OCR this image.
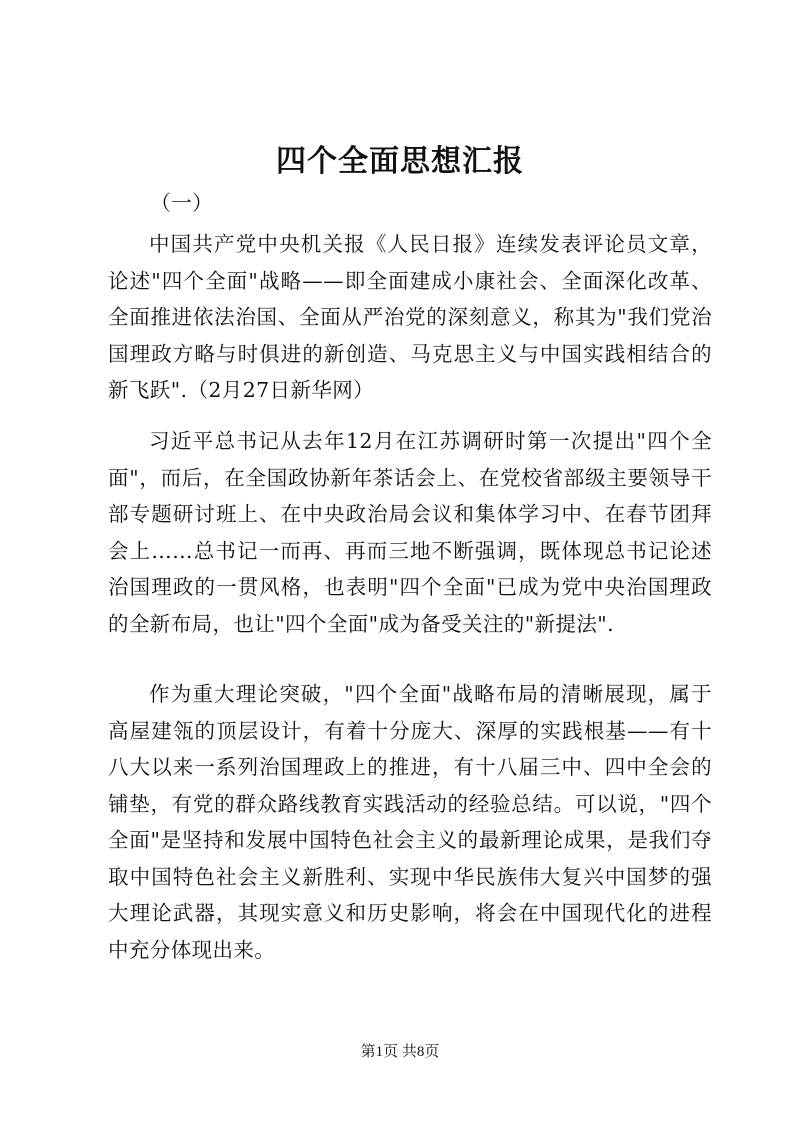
四个全面思想汇报
（一）

中国共产党中央机关报《人民日报》连续发表评论员文章，论述"四个全面"战略——即全面建成小康社会、全面深化改革、全面推进依法治国、全面从严治党的深刻意义，称其为"我们党治国理政方略与时俱进的新创造、马克思主义与中国实践相结合的新飞跃".（2月27日新华网）

习近平总书记从去年12月在江苏调研时第一次提出"四个全面"，而后，在全国政协新年茶话会上、在党校省部级主要领导干部专题研讨班上、在中央政治局会议和集体学习中、在春节团拜会上……总书记一而再、再而三地不断强调，既体现总书记论述治国理政的一贯风格，也表明"四个全面"已成为党中央治国理政的全新布局，也让"四个全面"成为备受关注的"新提法".

作为重大理论突破，"四个全面"战略布局的清晰展现，属于高屋建瓴的顶层设计，有着十分庞大、深厚的实践根基——有十八大以来一系列治国理政上的推进，有十八届三中、四中全会的铺垫，有党的群众路线教育实践活动的经验总结。可以说，"四个全面"是坚持和发展中国特色社会主义的最新理论成果，是我们夺取中国特色社会主义新胜利、实现中华民族伟大复兴中国梦的强大理论武器，其现实意义和历史影响，将会在中国现代化的进程中充分体现出来。

第1页 共8页
